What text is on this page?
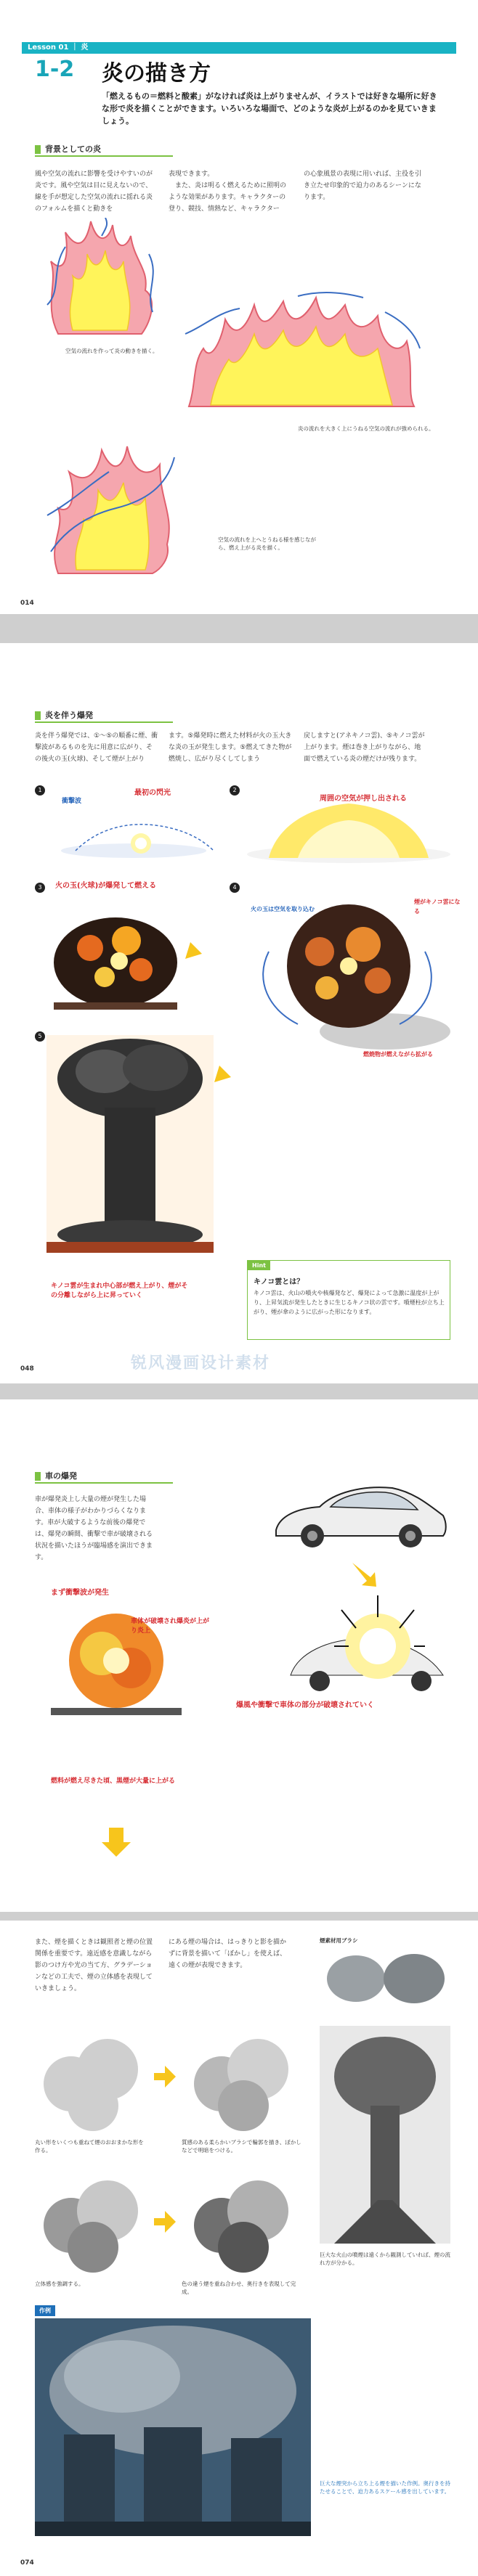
Lesson 01 ｜ 炎
1-2 炎の描き方
「燃えるもの＝燃料と酸素」がなければ炎は上がりませんが、イラストでは好きな場所に好きな形で炎を描くことができます。いろいろな場面で、どのような炎が上がるのかを見ていきましょう。
背景としての炎
風や空気の流れに影響を受けやすいのが炎です。風や空気は目に見えないので、線を手が想定した空気の流れに揺れる炎のフォルムを描くと動きを
表現できます。
　また、炎は明るく燃えるために照明のような効果があります。キャラクターの登り、競技、情熱など、キャラクター
の心象風景の表現に用いれば、主役を引き立たせ印象的で迫力のあるシーンになります。
空気の流れを作って炎の動きを描く。
炎の流れを大きく上にうねる空気の流れが強められる。
空気の流れを上へとうねる様を感じながら、燃え上がる炎を描く。
014
炎を伴う爆発
炎を伴う爆発では、①〜⑤の順番に煙、衝撃波があるものを先に用意に広がり、その後火の玉(火球)、そして煙が上がり
ます。⑤爆発時に燃えた材料が火の玉大きな炎の玉が発生します。⑤燃えてきた物が燃焼し、広がり尽くしてしまう
戻しますと(アネキノコ雲)、⑤キノコ雲が上がります。煙は巻き上がりながら、地面で燃えている炎の煙だけが残ります。
1
衝撃波
最初の閃光	2
周囲の空気が押し出される
3	火の玉(火球)が爆発して燃える	4
煙がキノコ雲になる
火の玉は空気を取り込む
燃焼物が燃えながら拡がる
5
キノコ雲が生まれ中心部が燃え上がり、煙がその分離しながら上に昇っていく
Hint
キノコ雲とは？
キノコ雲は、火山の噴火や核爆発など、爆発によって急激に温度が上がり、上昇気流が発生したときに生じるキノコ状の雲です。噴煙柱が立ち上がり、煙が傘のように広がった形になります。
锐风漫画设计素材
048
車の爆発
車が爆発炎上し大量の煙が発生した場合、車体の様子がわかりづらくなります。車が大破するような前後の爆発では、爆発の瞬間、衝撃で車が破壊される状況を描いたほうが臨場感を演出できます。
まず衝撃波が発生
爆風や衝撃で車体の部分が破壊されていく
車体が破壊され爆炎が上がり炎上
燃料が燃え尽きた頃、黒煙が大量に上がる
また、煙を描くときは観照者と煙の位置関係を重要です。遠近感を意識しながら影のつけ方や光の当て方、グラデーションなどの工夫で、煙の立体感を表現していきましょう。
にある煙の場合は、はっきりと影を描かずに背景を描いて「ぼかし」を使えば、遠くの煙が表現できます。
煙素材用ブラシ
丸い形をいくつも重ねて煙のおおまかな形を作る。
質感のある柔らかいブラシで輪郭を描き、ぼかしなどで明暗をつける。
立体感を強調する。	色の違う煙を重ね合わせ、奥行きを表現して完成。
巨大な火山の噴煙は遠くから観測していれば、煙の流れ方が分かる。
作例
巨大な煙突から立ち上る煙を描いた作例。奥行きを持たせることで、迫力あるスケール感を出しています。
074
